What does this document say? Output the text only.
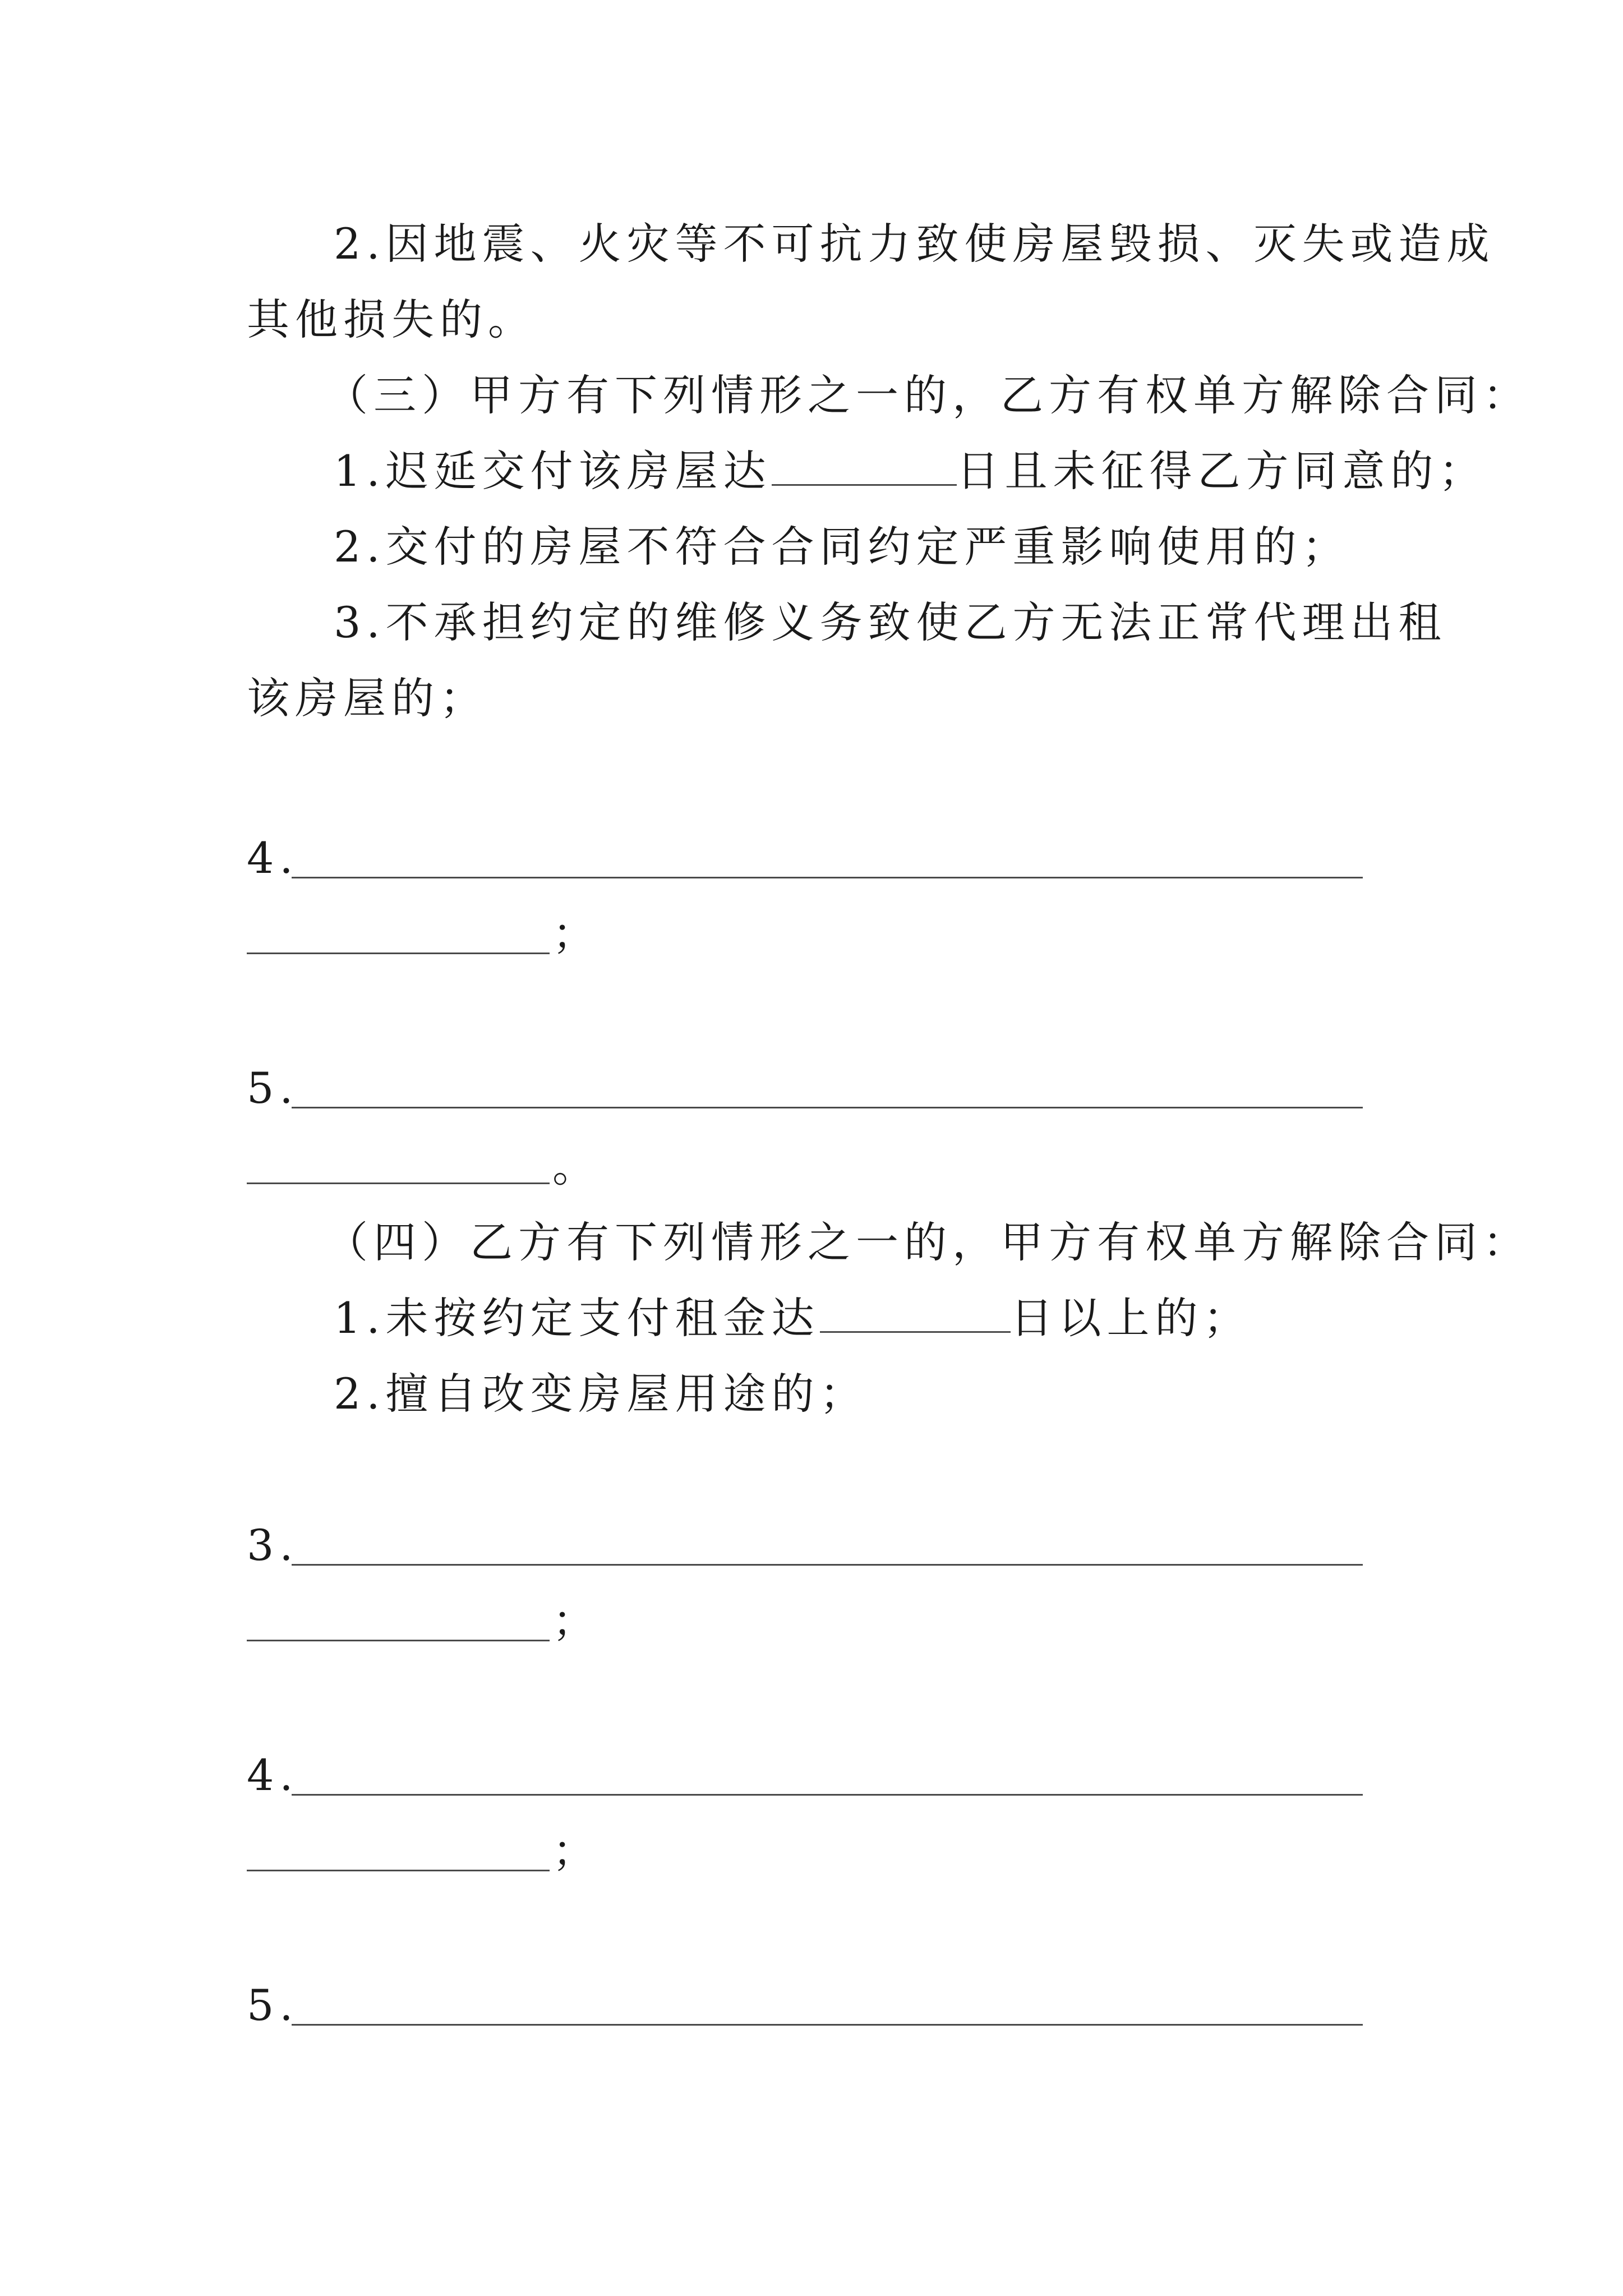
2.因地震、火灾等不可抗力致使房屋毁损、灭失或造成
其他损失的。
（三）甲方有下列情形之一的，乙方有权单方解除合同：
1.迟延交付该房屋达	日且未征得乙方同意的；
2.交付的房屋不符合合同约定严重影响使用的；
3.不承担约定的维修义务致使乙方无法正常代理出租
该房屋的；
4.
；
5.
。
（四）乙方有下列情形之一的，甲方有权单方解除合同：
1.未按约定支付租金达	日以上的；
2.擅自改变房屋用途的；
3.
；
4.
；
5.
